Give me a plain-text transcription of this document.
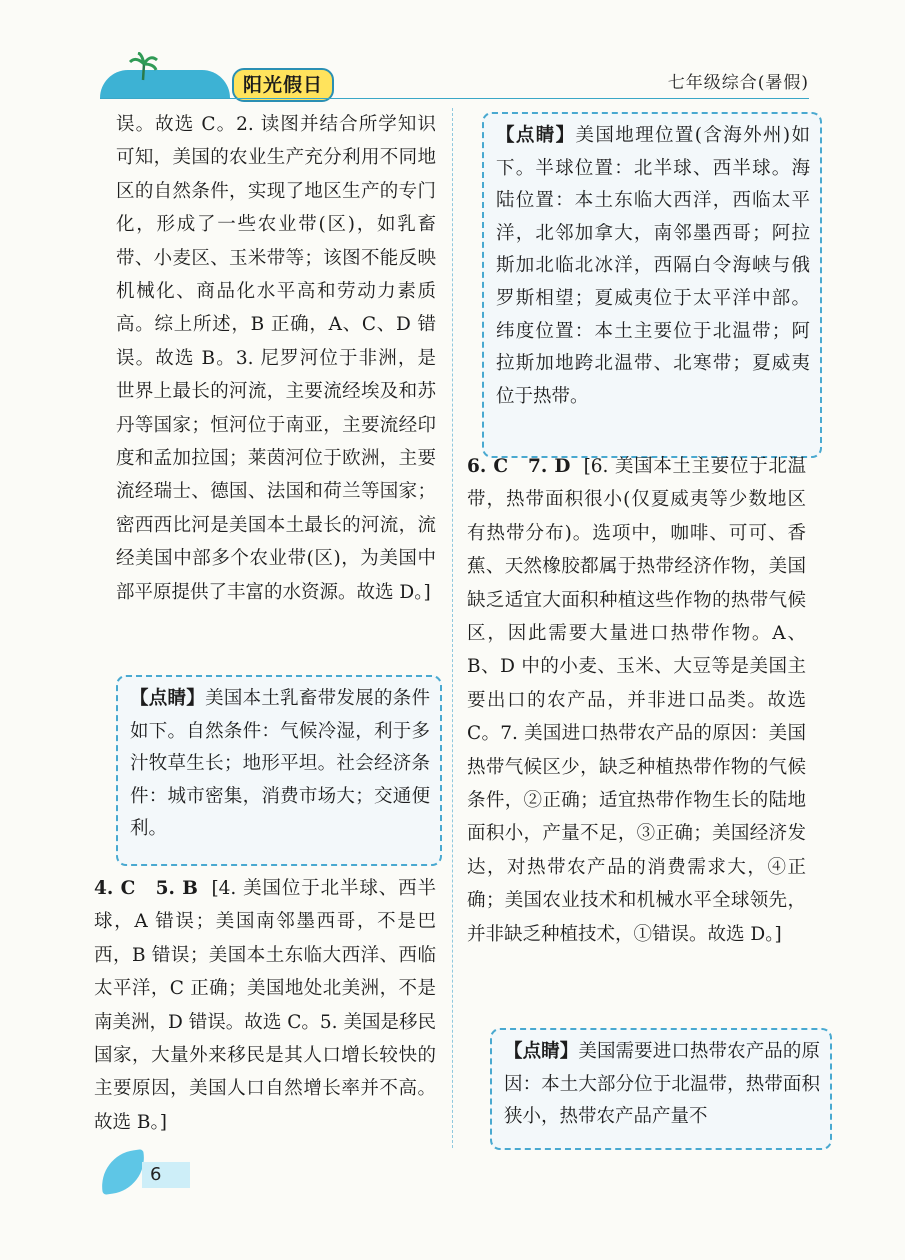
阳光假日	七年级综合(暑假)

误。故选 C。2. 读图并结合所学知识可知，美国的农业生产充分利用不同地区的自然条件，实现了地区生产的专门化，形成了一些农业带(区)，如乳畜带、小麦区、玉米带等；该图不能反映机械化、商品化水平高和劳动力素质高。综上所述，B 正确，A、C、D 错误。故选 B。3. 尼罗河位于非洲，是世界上最长的河流，主要流经埃及和苏丹等国家；恒河位于南亚，主要流经印度和孟加拉国；莱茵河位于欧洲，主要流经瑞士、德国、法国和荷兰等国家；密西西比河是美国本土最长的河流，流经美国中部多个农业带(区)，为美国中部平原提供了丰富的水资源。故选 D。]

【点睛】美国本土乳畜带发展的条件如下。自然条件：气候冷湿，利于多汁牧草生长；地形平坦。社会经济条件：城市密集，消费市场大；交通便利。

4. C　5. B [4. 美国位于北半球、西半球，A 错误；美国南邻墨西哥，不是巴西，B 错误；美国本土东临大西洋、西临太平洋，C 正确；美国地处北美洲，不是南美洲，D 错误。故选 C。5. 美国是移民国家，大量外来移民是其人口增长较快的主要原因，美国人口自然增长率并不高。故选 B。]

【点睛】美国地理位置(含海外州)如下。半球位置：北半球、西半球。海陆位置：本土东临大西洋，西临太平洋，北邻加拿大，南邻墨西哥；阿拉斯加北临北冰洋，西隔白令海峡与俄罗斯相望；夏威夷位于太平洋中部。纬度位置：本土主要位于北温带；阿拉斯加地跨北温带、北寒带；夏威夷位于热带。

6. C　7. D [6. 美国本土主要位于北温带，热带面积很小(仅夏威夷等少数地区有热带分布)。选项中，咖啡、可可、香蕉、天然橡胶都属于热带经济作物，美国缺乏适宜大面积种植这些作物的热带气候区，因此需要大量进口热带作物。A、B、D 中的小麦、玉米、大豆等是美国主要出口的农产品，并非进口品类。故选 C。7. 美国进口热带农产品的原因：美国热带气候区少，缺乏种植热带作物的气候条件，②正确；适宜热带作物生长的陆地面积小，产量不足，③正确；美国经济发达，对热带农产品的消费需求大，④正确；美国农业技术和机械水平全球领先，并非缺乏种植技术，①错误。故选 D。]

【点睛】美国需要进口热带农产品的原因：本土大部分位于北温带，热带面积狭小，热带农产品产量不

6
